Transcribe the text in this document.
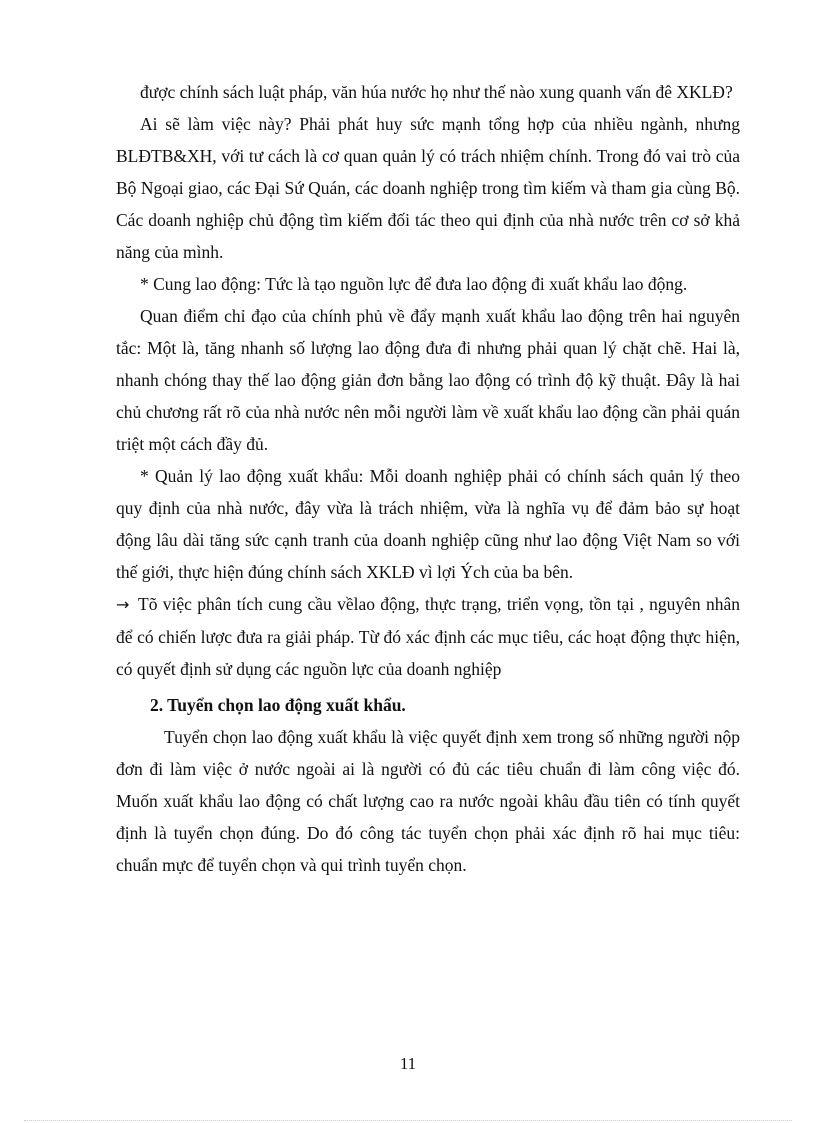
được chính sách luật pháp, văn húa nước họ như thế nào xung quanh vấn đê XKLĐ?

Ai sẽ làm việc này? Phải phát huy sức mạnh tổng hợp của nhiều ngành, nhưng BLĐTB&XH, với tư cách là cơ quan quản lý có trách nhiệm chính. Trong đó vai trò của Bộ Ngoại giao, các Đại Sứ Quán, các doanh nghiệp trong tìm kiếm và tham gia cùng Bộ. Các doanh nghiệp chủ động tìm kiếm đối tác theo qui định của nhà nước trên cơ sở khả năng của mình.

* Cung lao động: Tức là tạo nguồn lực để đưa lao động đi xuất khẩu lao động.

Quan điểm chỉ đạo của chính phủ về đẩy mạnh xuất khẩu lao động trên hai nguyên tắc: Một là, tăng nhanh số lượng lao động đưa đi nhưng phải quan lý chặt chẽ. Hai là, nhanh chóng thay thế lao động giản đơn bằng lao động có trình độ kỹ thuật. Đây là hai chủ chương rất rõ của nhà nước nên mỗi người làm về xuất khẩu lao động cần phải quán triệt một cách đầy đủ.

* Quản lý lao động xuất khẩu: Mỗi doanh nghiệp phải có chính sách quản lý theo quy định của nhà nước, đây vừa là trách nhiệm, vừa là nghĩa vụ để đảm bảo sự hoạt động lâu dài tăng sức cạnh tranh của doanh nghiệp cũng như lao động Việt Nam so với thế giới, thực hiện đúng chính sách XKLĐ vì lợi Ých của ba bên.

→ Tõ việc phân tích cung cầu vềlao động, thực trạng, triển vọng, tồn tại , nguyên nhân để có chiến lược đưa ra giải pháp. Từ đó xác định các mục tiêu, các hoạt động thực hiện, có quyết định sử dụng các nguồn lực của doanh nghiệp

2. Tuyển chọn lao động xuất khẩu.

Tuyển chọn lao động xuất khẩu là việc quyết định xem trong số những người nộp đơn đi làm việc ở nước ngoài ai là người có đủ các tiêu chuẩn đi làm công việc đó. Muốn xuất khẩu lao động có chất lượng cao ra nước ngoài khâu đầu tiên có tính quyết định là tuyển chọn đúng. Do đó công tác tuyển chọn phải xác định rõ hai mục tiêu: chuẩn mực để tuyển chọn và qui trình tuyển chọn.

11
